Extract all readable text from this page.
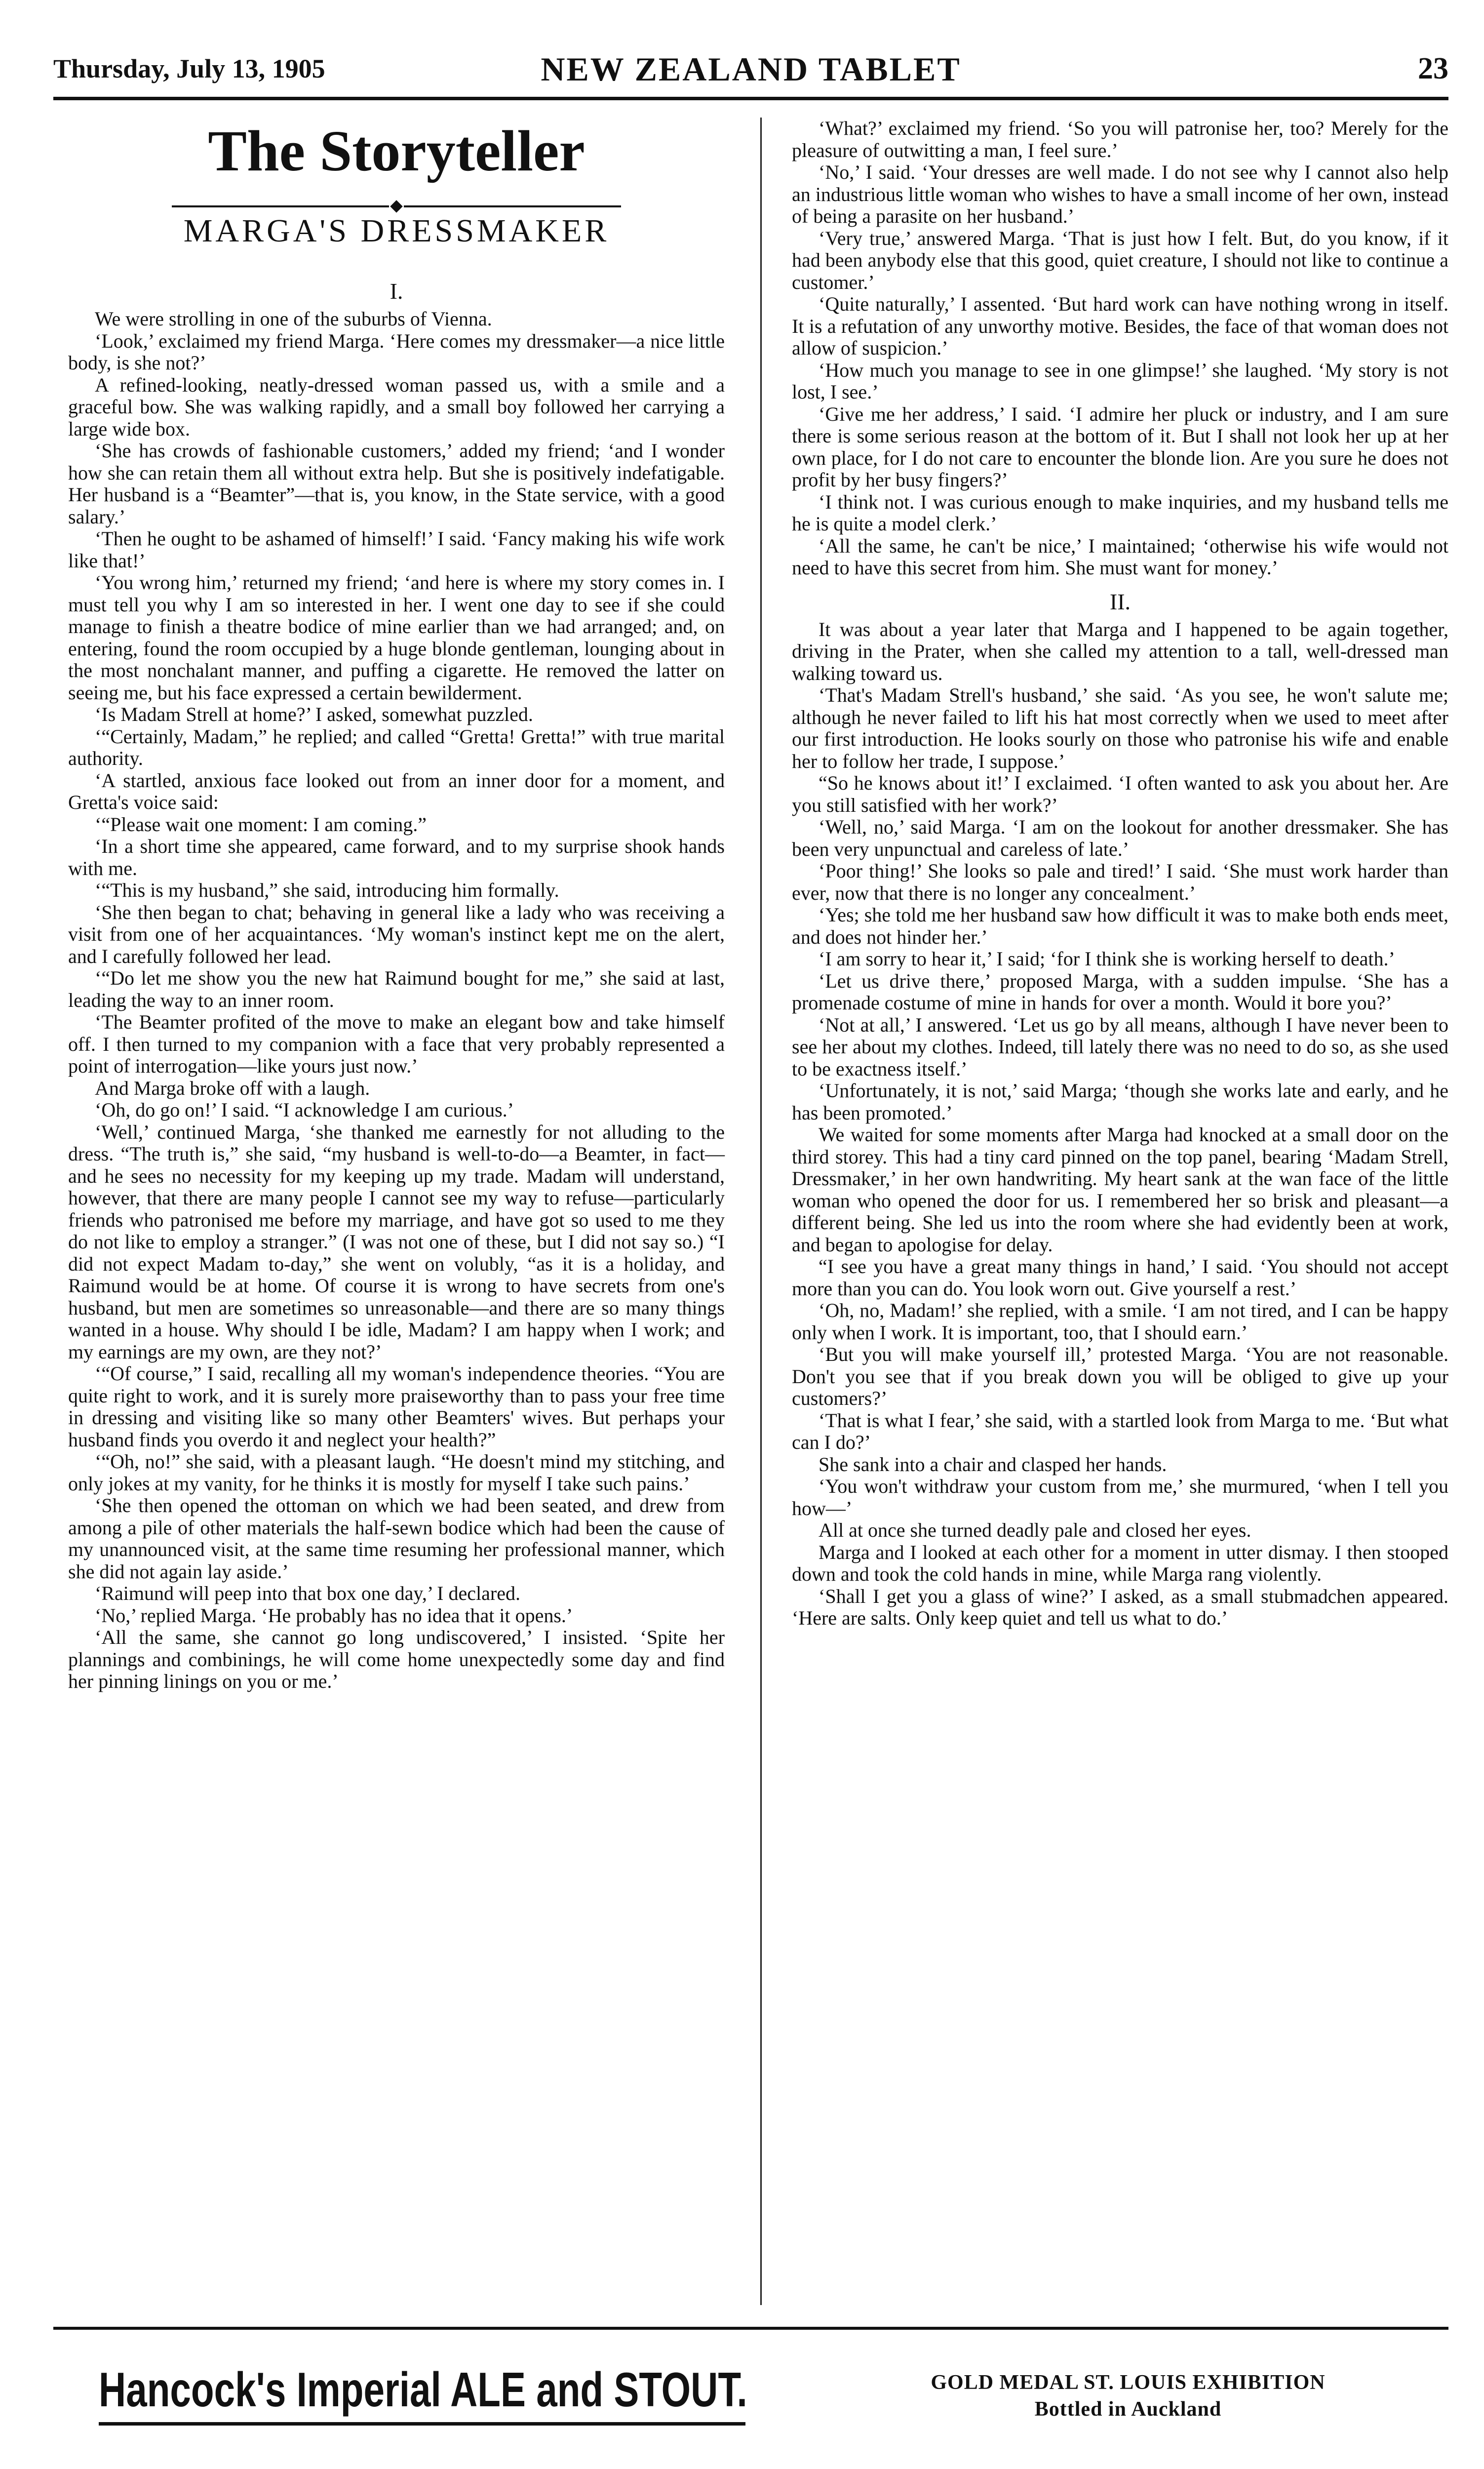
Thursday, July 13, 1905	NEW ZEALAND TABLET	23
The Storyteller
MARGA'S DRESSMAKER
I.

We were strolling in one of the suburbs of Vienna.

‘Look,’ exclaimed my friend Marga. ‘Here comes my dressmaker—a nice little body, is she not?’

A refined-looking, neatly-dressed woman passed us, with a smile and a graceful bow. She was walking rapidly, and a small boy followed her carrying a large wide box.

‘She has crowds of fashionable customers,’ added my friend; ‘and I wonder how she can retain them all without extra help. But she is positively indefatigable. Her husband is a “Beamter”—that is, you know, in the State service, with a good salary.’

‘Then he ought to be ashamed of himself!’ I said. ‘Fancy making his wife work like that!’

‘You wrong him,’ returned my friend; ‘and here is where my story comes in. I must tell you why I am so interested in her. I went one day to see if she could manage to finish a theatre bodice of mine earlier than we had arranged; and, on entering, found the room occupied by a huge blonde gentleman, lounging about in the most nonchalant manner, and puffing a cigarette. He removed the latter on seeing me, but his face expressed a certain bewilderment.

‘Is Madam Strell at home?’ I asked, somewhat puzzled.

‘“Certainly, Madam,” he replied; and called “Gretta! Gretta!” with true marital authority.

‘A startled, anxious face looked out from an inner door for a moment, and Gretta's voice said:

‘“Please wait one moment: I am coming.”

‘In a short time she appeared, came forward, and to my surprise shook hands with me.

‘“This is my husband,” she said, introducing him formally.

‘She then began to chat; behaving in general like a lady who was receiving a visit from one of her acquaintances. ‘My woman's instinct kept me on the alert, and I carefully followed her lead.

‘“Do let me show you the new hat Raimund bought for me,” she said at last, leading the way to an inner room.

‘The Beamter profited of the move to make an elegant bow and take himself off. I then turned to my companion with a face that very probably represented a point of interrogation—like yours just now.’

And Marga broke off with a laugh.

‘Oh, do go on!’ I said. “I acknowledge I am curious.’

‘Well,’ continued Marga, ‘she thanked me earnestly for not alluding to the dress. “The truth is,” she said, “my husband is well-to-do—a Beamter, in fact—and he sees no necessity for my keeping up my trade. Madam will understand, however, that there are many people I cannot see my way to refuse—particularly friends who patronised me before my marriage, and have got so used to me they do not like to employ a stranger.” (I was not one of these, but I did not say so.) “I did not expect Madam to-day,” she went on volubly, “as it is a holiday, and Raimund would be at home. Of course it is wrong to have secrets from one's husband, but men are sometimes so unreasonable—and there are so many things wanted in a house. Why should I be idle, Madam? I am happy when I work; and my earnings are my own, are they not?’

‘“Of course,” I said, recalling all my woman's independence theories. “You are quite right to work, and it is surely more praiseworthy than to pass your free time in dressing and visiting like so many other Beamters' wives. But perhaps your husband finds you overdo it and neglect your health?”

‘“Oh, no!” she said, with a pleasant laugh. “He doesn't mind my stitching, and only jokes at my vanity, for he thinks it is mostly for myself I take such pains.’

‘She then opened the ottoman on which we had been seated, and drew from among a pile of other materials the half-sewn bodice which had been the cause of my unannounced visit, at the same time resuming her professional manner, which she did not again lay aside.’

‘Raimund will peep into that box one day,’ I declared.

‘No,’ replied Marga. ‘He probably has no idea that it opens.’

‘All the same, she cannot go long undiscovered,’ I insisted. ‘Spite her plannings and combinings, he will come home unexpectedly some day and find her pinning linings on you or me.’

‘What?’ exclaimed my friend. ‘So you will patronise her, too? Merely for the pleasure of outwitting a man, I feel sure.’

‘No,’ I said. ‘Your dresses are well made. I do not see why I cannot also help an industrious little woman who wishes to have a small income of her own, instead of being a parasite on her husband.’

‘Very true,’ answered Marga. ‘That is just how I felt. But, do you know, if it had been anybody else that this good, quiet creature, I should not like to continue a customer.’

‘Quite naturally,’ I assented. ‘But hard work can have nothing wrong in itself. It is a refutation of any unworthy motive. Besides, the face of that woman does not allow of suspicion.’

‘How much you manage to see in one glimpse!’ she laughed. ‘My story is not lost, I see.’

‘Give me her address,’ I said. ‘I admire her pluck or industry, and I am sure there is some serious reason at the bottom of it. But I shall not look her up at her own place, for I do not care to encounter the blonde lion. Are you sure he does not profit by her busy fingers?’

‘I think not. I was curious enough to make inquiries, and my husband tells me he is quite a model clerk.’

‘All the same, he can't be nice,’ I maintained; ‘otherwise his wife would not need to have this secret from him. She must want for money.’

II.

It was about a year later that Marga and I happened to be again together, driving in the Prater, when she called my attention to a tall, well-dressed man walking toward us.

‘That's Madam Strell's husband,’ she said. ‘As you see, he won't salute me; although he never failed to lift his hat most correctly when we used to meet after our first introduction. He looks sourly on those who patronise his wife and enable her to follow her trade, I suppose.’

“So he knows about it!’ I exclaimed. ‘I often wanted to ask you about her. Are you still satisfied with her work?’

‘Well, no,’ said Marga. ‘I am on the lookout for another dressmaker. She has been very unpunctual and careless of late.’

‘Poor thing!’ She looks so pale and tired!’ I said. ‘She must work harder than ever, now that there is no longer any concealment.’

‘Yes; she told me her husband saw how difficult it was to make both ends meet, and does not hinder her.’

‘I am sorry to hear it,’ I said; ‘for I think she is working herself to death.’

‘Let us drive there,’ proposed Marga, with a sudden impulse. ‘She has a promenade costume of mine in hands for over a month. Would it bore you?’

‘Not at all,’ I answered. ‘Let us go by all means, although I have never been to see her about my clothes. Indeed, till lately there was no need to do so, as she used to be exactness itself.’

‘Unfortunately, it is not,’ said Marga; ‘though she works late and early, and he has been promoted.’

We waited for some moments after Marga had knocked at a small door on the third storey. This had a tiny card pinned on the top panel, bearing ‘Madam Strell, Dressmaker,’ in her own handwriting. My heart sank at the wan face of the little woman who opened the door for us. I remembered her so brisk and pleasant—a different being. She led us into the room where she had evidently been at work, and began to apologise for delay.

“I see you have a great many things in hand,’ I said. ‘You should not accept more than you can do. You look worn out. Give yourself a rest.’

‘Oh, no, Madam!’ she replied, with a smile. ‘I am not tired, and I can be happy only when I work. It is important, too, that I should earn.’

‘But you will make yourself ill,’ protested Marga. ‘You are not reasonable. Don't you see that if you break down you will be obliged to give up your customers?’

‘That is what I fear,’ she said, with a startled look from Marga to me. ‘But what can I do?’

She sank into a chair and clasped her hands.

‘You won't withdraw your custom from me,’ she murmured, ‘when I tell you how—’

All at once she turned deadly pale and closed her eyes.

Marga and I looked at each other for a moment in utter dismay. I then stooped down and took the cold hands in mine, while Marga rang violently.

‘Shall I get you a glass of wine?’ I asked, as a small stubmadchen appeared. ‘Here are salts. Only keep quiet and tell us what to do.’

Hancock's Imperial ALE and STOUT.	GOLD MEDAL ST. LOUIS EXHIBITION
Bottled in Auckland
